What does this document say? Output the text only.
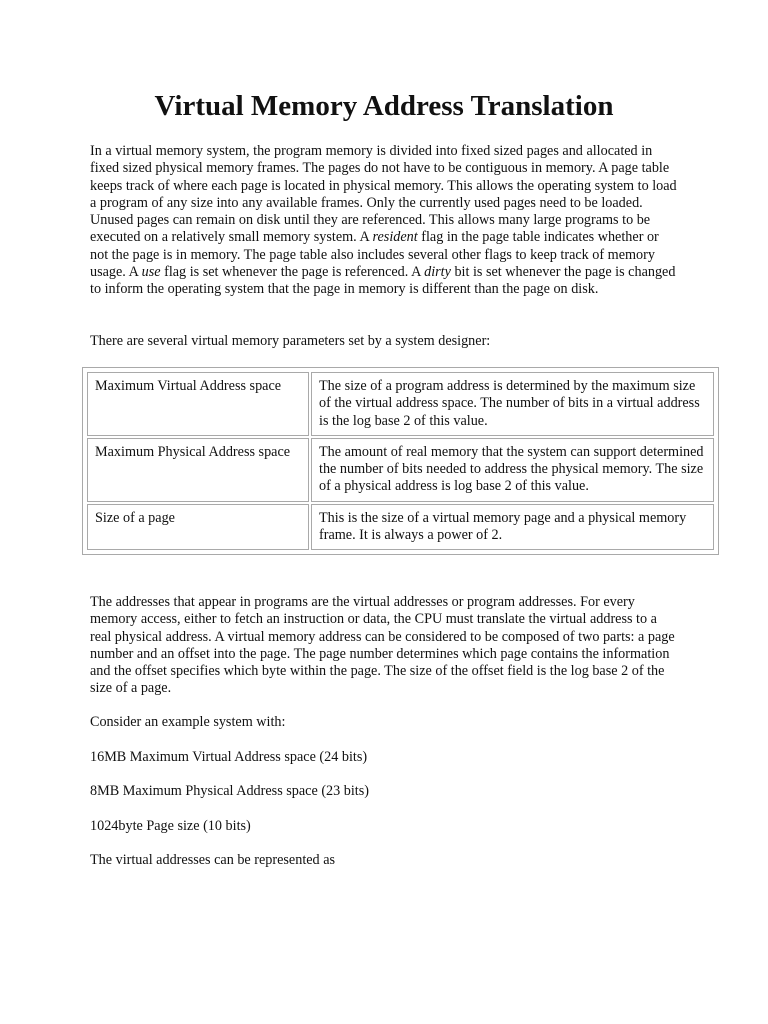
Virtual Memory Address Translation

In a virtual memory system, the program memory is divided into fixed sized pages and allocated in fixed sized physical memory frames. The pages do not have to be contiguous in memory. A page table keeps track of where each page is located in physical memory. This allows the operating system to load a program of any size into any available frames. Only the currently used pages need to be loaded. Unused pages can remain on disk until they are referenced. This allows many large programs to be executed on a relatively small memory system. A resident flag in the page table indicates whether or not the page is in memory. The page table also includes several other flags to keep track of memory usage. A use flag is set whenever the page is referenced. A dirty bit is set whenever the page is changed to inform the operating system that the page in memory is different than the page on disk.

There are several virtual memory parameters set by a system designer:

Maximum Virtual Address space	The size of a program address is determined by the maximum size of the virtual address space. The number of bits in a virtual address is the log base 2 of this value.
Maximum Physical Address space	The amount of real memory that the system can support determined the number of bits needed to address the physical memory. The size of a physical address is log base 2 of this value.
Size of a page	This is the size of a virtual memory page and a physical memory frame. It is always a power of 2.

The addresses that appear in programs are the virtual addresses or program addresses. For every memory access, either to fetch an instruction or data, the CPU must translate the virtual address to a real physical address. A virtual memory address can be considered to be composed of two parts: a page number and an offset into the page. The page number determines which page contains the information and the offset specifies which byte within the page. The size of the offset field is the log base 2 of the size of a page.

Consider an example system with:

16MB Maximum Virtual Address space (24 bits)

8MB Maximum Physical Address space (23 bits)

1024byte Page size (10 bits)

The virtual addresses can be represented as
